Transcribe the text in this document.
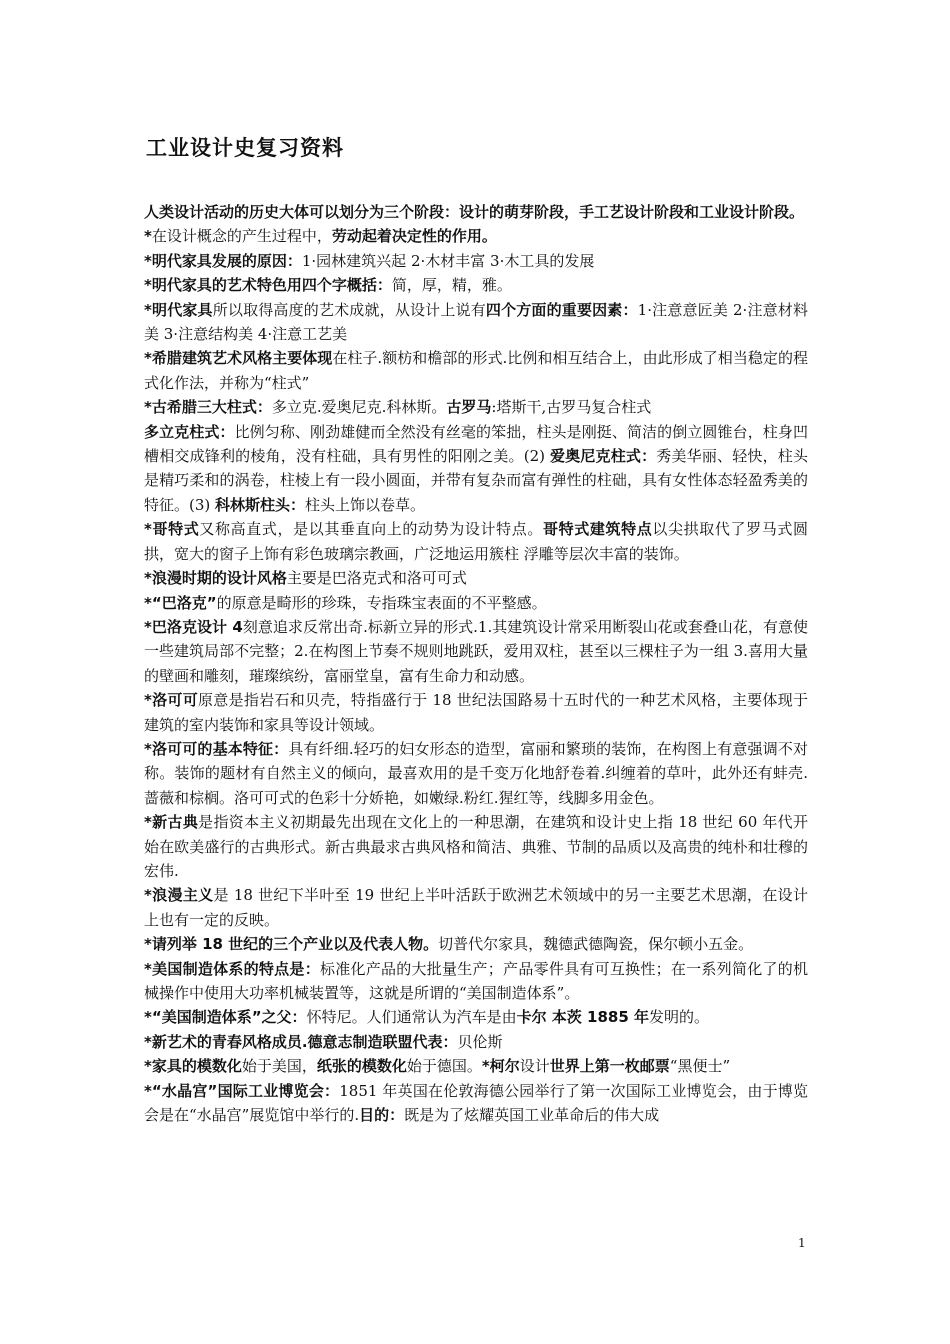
工业设计史复习资料

人类设计活动的历史大体可以划分为三个阶段：设计的萌芽阶段，手工艺设计阶段和工业设计阶段。

*在设计概念的产生过程中，劳动起着决定性的作用。

*明代家具发展的原因：1·园林建筑兴起 2·木材丰富 3·木工具的发展

*明代家具的艺术特色用四个字概括：简，厚，精，雅。

*明代家具所以取得高度的艺术成就，从设计上说有四个方面的重要因素：1·注意意匠美 2·注意材料美 3·注意结构美 4·注意工艺美

*希腊建筑艺术风格主要体现在柱子.额枋和檐部的形式.比例和相互结合上，由此形成了相当稳定的程式化作法，并称为“柱式”

*古希腊三大柱式：多立克.爱奥尼克.科林斯。古罗马:塔斯干,古罗马复合柱式

多立克柱式：比例匀称、刚劲雄健而全然没有丝毫的笨拙，柱头是刚挺、简洁的倒立圆锥台，柱身凹槽相交成锋利的棱角，没有柱础，具有男性的阳刚之美。(2) 爱奥尼克柱式：秀美华丽、轻快，柱头是精巧柔和的涡卷，柱棱上有一段小圆面，并带有复杂而富有弹性的柱础，具有女性体态轻盈秀美的特征。(3) 科林斯柱头：柱头上饰以卷草。

*哥特式又称高直式，是以其垂直向上的动势为设计特点。哥特式建筑特点以尖拱取代了罗马式圆拱，宽大的窗子上饰有彩色玻璃宗教画，广泛地运用簇柱 浮雕等层次丰富的装饰。

*浪漫时期的设计风格主要是巴洛克式和洛可可式

*“巴洛克”的原意是畸形的珍珠，专指珠宝表面的不平整感。

*巴洛克设计 4刻意追求反常出奇.标新立异的形式.1.其建筑设计常采用断裂山花或套叠山花，有意使一些建筑局部不完整；2.在构图上节奏不规则地跳跃，爱用双柱，甚至以三棵柱子为一组 3.喜用大量的壁画和雕刻，璀璨缤纷，富丽堂皇，富有生命力和动感。

*洛可可原意是指岩石和贝壳，特指盛行于 18 世纪法国路易十五时代的一种艺术风格，主要体现于建筑的室内装饰和家具等设计领域。

*洛可可的基本特征：具有纤细.轻巧的妇女形态的造型，富丽和繁琐的装饰，在构图上有意强调不对称。装饰的题材有自然主义的倾向，最喜欢用的是千变万化地舒卷着.纠缠着的草叶，此外还有蚌壳.蔷薇和棕榈。洛可可式的色彩十分娇艳，如嫩绿.粉红.猩红等，线脚多用金色。

*新古典是指资本主义初期最先出现在文化上的一种思潮，在建筑和设计史上指 18 世纪 60 年代开始在欧美盛行的古典形式。新古典最求古典风格和简洁、典雅、节制的品质以及高贵的纯朴和壮穆的宏伟.

*浪漫主义是 18 世纪下半叶至 19 世纪上半叶活跃于欧洲艺术领域中的另一主要艺术思潮，在设计上也有一定的反映。

*请列举 18 世纪的三个产业以及代表人物。切普代尔家具，魏德武德陶瓷，保尔顿小五金。

*美国制造体系的特点是：标准化产品的大批量生产；产品零件具有可互换性；在一系列简化了的机械操作中使用大功率机械装置等，这就是所谓的“美国制造体系”。

*“美国制造体系”之父：怀特尼。人们通常认为汽车是由卡尔 本茨 1885 年发明的。

*新艺术的青春风格成员.德意志制造联盟代表：贝伦斯

*家具的模数化始于美国，纸张的模数化始于德国。*柯尔设计世界上第一枚邮票“黑便士”

*“水晶宫”国际工业博览会：1851 年英国在伦敦海德公园举行了第一次国际工业博览会，由于博览会是在“水晶宫”展览馆中举行的.目的：既是为了炫耀英国工业革命后的伟大成

1
